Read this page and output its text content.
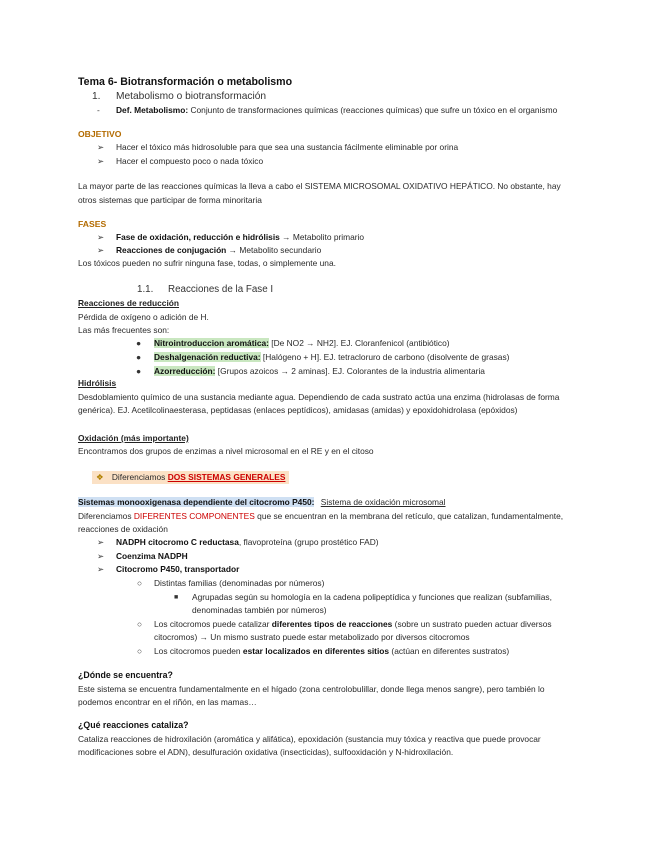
Tema 6- Biotransformación o metabolismo
1. Metabolismo o biotransformación
- Def. Metabolismo: Conjunto de transformaciones químicas (reacciones químicas) que sufre un tóxico en el organismo
OBJETIVO
➢ Hacer el tóxico más hidrosoluble para que sea una sustancia fácilmente eliminable por orina
➢ Hacer el compuesto poco o nada tóxico
La mayor parte de las reacciones químicas la lleva a cabo el SISTEMA MICROSOMAL OXIDATIVO HEPÁTICO. No obstante, hay
otros sistemas que participar de forma minoritaria
FASES
➢ Fase de oxidación, reducción e hidrólisis → Metabolito primario
➢ Reacciones de conjugación → Metabolito secundario
Los tóxicos pueden no sufrir ninguna fase, todas, o simplemente una.
1.1. Reacciones de la Fase I
Reacciones de reducción
Pérdida de oxígeno o adición de H.
Las más frecuentes son:
● Nitrointroduccion aromática: [De NO2 → NH2]. EJ. Cloranfenicol (antibiótico)
● Deshalgenación reductiva: [Halógeno + H]. EJ. tetracloruro de carbono (disolvente de grasas)
● Azorreducción: [Grupos azoicos → 2 aminas]. EJ. Colorantes de la industria alimentaria
Hidrólisis
Desdoblamiento químico de una sustancia mediante agua. Dependiendo de cada sustrato actúa una enzima (hidrolasas de forma
genérica). EJ. Acetilcolinaesterasa, peptidasas (enlaces peptídicos), amidasas (amidas) y epoxidohidrolasa (epóxidos)
Oxidación (más importante)
Encontramos dos grupos de enzimas a nivel microsomal en el RE y en el citoso
❖ Diferenciamos DOS SISTEMAS GENERALES
Sistemas monooxigenasa dependiente del citocromo P450: Sistema de oxidación microsomal
Diferenciamos DIFERENTES COMPONENTES que se encuentran en la membrana del retículo, que catalizan, fundamentalmente,
reacciones de oxidación
➢ NADPH citocromo C reductasa, flavoproteína (grupo prostético FAD)
➢ Coenzima NADPH
➢ Citocromo P450, transportador
○ Distintas familias (denominadas por números)
■ Agrupadas según su homología en la cadena polipeptídica y funciones que realizan (subfamilias,
denominadas también por números)
○ Los citocromos puede catalizar diferentes tipos de reacciones (sobre un sustrato pueden actuar diversos
citocromos) → Un mismo sustrato puede estar metabolizado por diversos citocromos
○ Los citocromos pueden estar localizados en diferentes sitios (actúan en diferentes sustratos)
¿Dónde se encuentra?
Este sistema se encuentra fundamentalmente en el hígado (zona centrolobulillar, donde llega menos sangre), pero también lo
podemos encontrar en el riñón, en las mamas…
¿Qué reacciones cataliza?
Cataliza reacciones de hidroxilación (aromática y alifática), epoxidación (sustancia muy tóxica y reactiva que puede provocar
modificaciones sobre el ADN), desulfuración oxidativa (insecticidas), sulfooxidación y N-hidroxilación.
